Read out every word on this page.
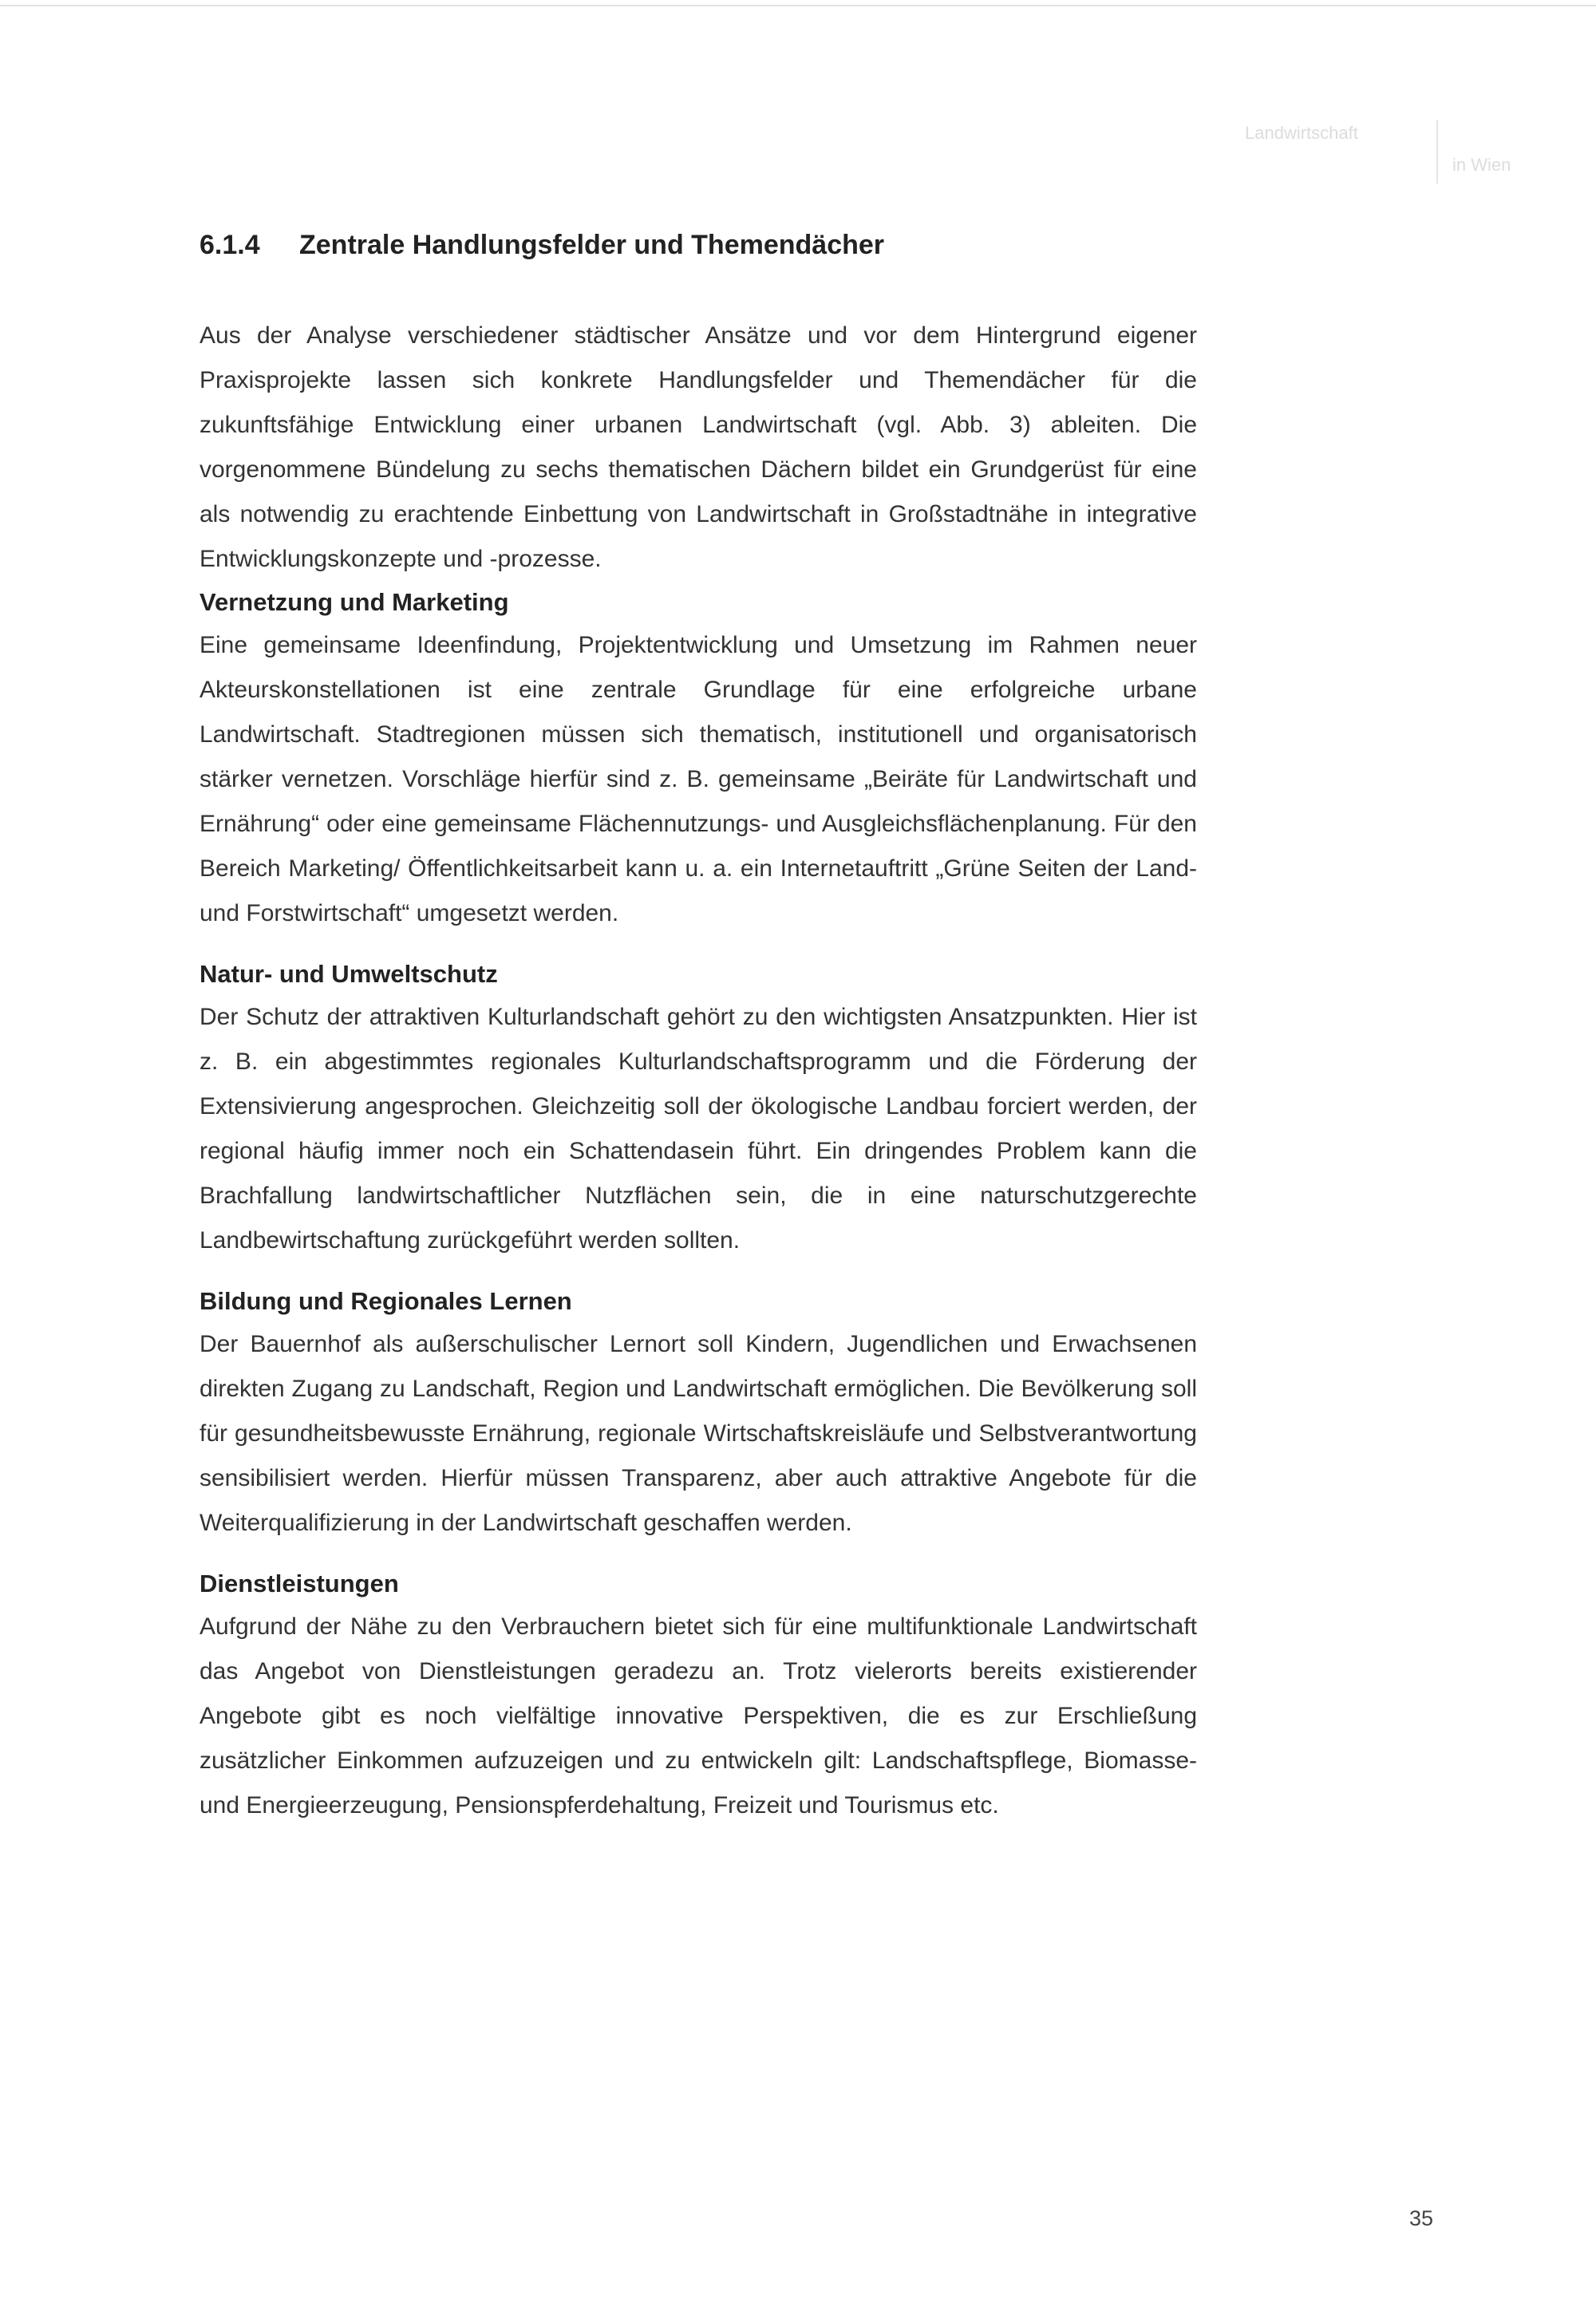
Landwirtschaft
in Wien
6.1.4 Zentrale Handlungsfelder und Themendächer

Aus der Analyse verschiedener städtischer Ansätze und vor dem Hintergrund eigener Praxisprojekte lassen sich konkrete Handlungsfelder und Themendächer für die zukunftsfähige Entwicklung einer urbanen Landwirtschaft (vgl. Abb. 3) ableiten. Die vorgenommene Bündelung zu sechs thematischen Dächern bildet ein Grundgerüst für eine als notwendig zu erachtende Einbettung von Landwirtschaft in Großstadtnähe in integrative Entwicklungskonzepte und -prozesse.

Vernetzung und Marketing

Eine gemeinsame Ideenfindung, Projektentwicklung und Umsetzung im Rahmen neuer Akteurskonstellationen ist eine zentrale Grundlage für eine erfolgreiche urbane Landwirtschaft. Stadtregionen müssen sich thematisch, institutionell und organisatorisch stärker vernetzen. Vorschläge hierfür sind z. B. gemeinsame „Beiräte für Landwirtschaft und Ernährung“ oder eine gemeinsame Flächennutzungs- und Ausgleichsflächenplanung. Für den Bereich Marketing/ Öffentlichkeitsarbeit kann u. a. ein Internetauftritt „Grüne Seiten der Land- und Forstwirtschaft“ umgesetzt werden.

Natur- und Umweltschutz

Der Schutz der attraktiven Kulturlandschaft gehört zu den wichtigsten Ansatzpunkten. Hier ist z. B. ein abgestimmtes regionales Kulturlandschaftsprogramm und die Förderung der Extensivierung angesprochen. Gleichzeitig soll der ökologische Landbau forciert werden, der regional häufig immer noch ein Schattendasein führt. Ein dringendes Problem kann die Brachfallung landwirtschaftlicher Nutzflächen sein, die in eine naturschutzgerechte Landbewirtschaftung zurückgeführt werden sollten.

Bildung und Regionales Lernen

Der Bauernhof als außerschulischer Lernort soll Kindern, Jugendlichen und Erwachsenen direkten Zugang zu Landschaft, Region und Landwirtschaft ermöglichen. Die Bevölkerung soll für gesundheitsbewusste Ernährung, regionale Wirtschaftskreisläufe und Selbstverantwortung sensibilisiert werden. Hierfür müssen Transparenz, aber auch attraktive Angebote für die Weiterqualifizierung in der Landwirtschaft geschaffen werden.

Dienstleistungen

Aufgrund der Nähe zu den Verbrauchern bietet sich für eine multifunktionale Landwirtschaft das Angebot von Dienstleistungen geradezu an. Trotz vielerorts bereits existierender Angebote gibt es noch vielfältige innovative Perspektiven, die es zur Erschließung zusätzlicher Einkommen aufzuzeigen und zu entwickeln gilt: Landschaftspflege, Biomasse- und Energieerzeugung, Pensionspferdehaltung, Freizeit und Tourismus etc.

35
